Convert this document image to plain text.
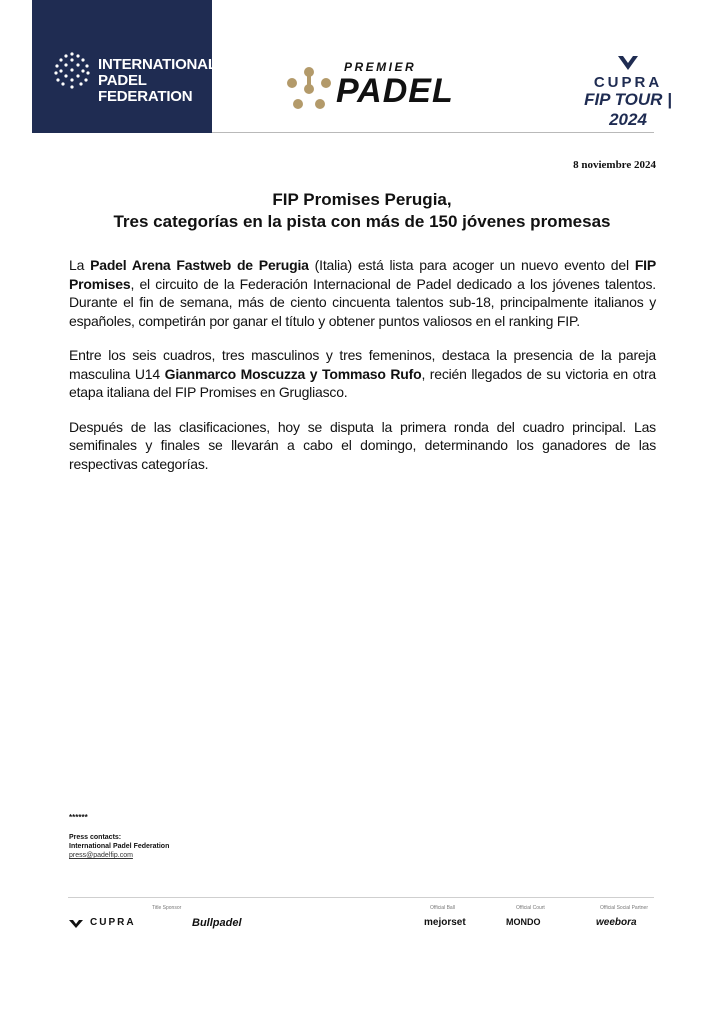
INTERNATIONAL
PADEL
FEDERATION
PREMIER
PADEL	CUPRA
FIP TOUR | 2024
8 noviembre 2024
FIP Promises Perugia,
Tres categorías en la pista con más de 150 jóvenes promesas

La Padel Arena Fastweb de Perugia (Italia) está lista para acoger un nuevo evento del FIP Promises, el circuito de la Federación Internacional de Padel dedicado a los jóvenes talentos. Durante el fin de semana, más de ciento cincuenta talentos sub-18, principalmente italianos y españoles, competirán por ganar el título y obtener puntos valiosos en el ranking FIP.

Entre los seis cuadros, tres masculinos y tres femeninos, destaca la presencia de la pareja masculina U14 Gianmarco Moscuzza y Tommaso Rufo, recién llegados de su victoria en otra etapa italiana del FIP Promises en Grugliasco.

Después de las clasificaciones, hoy se disputa la primera ronda del cuadro principal. Las semifinales y finales se llevarán a cabo el domingo, determinando los ganadores de las respectivas categorías.

******
Press contacts:
International Padel Federation
press@padelfip.com
Title Sponsor	Official Ball	Official Court	Official Social Partner
CUPRA	Bullpadel	mejorset	MONDO	weebora
